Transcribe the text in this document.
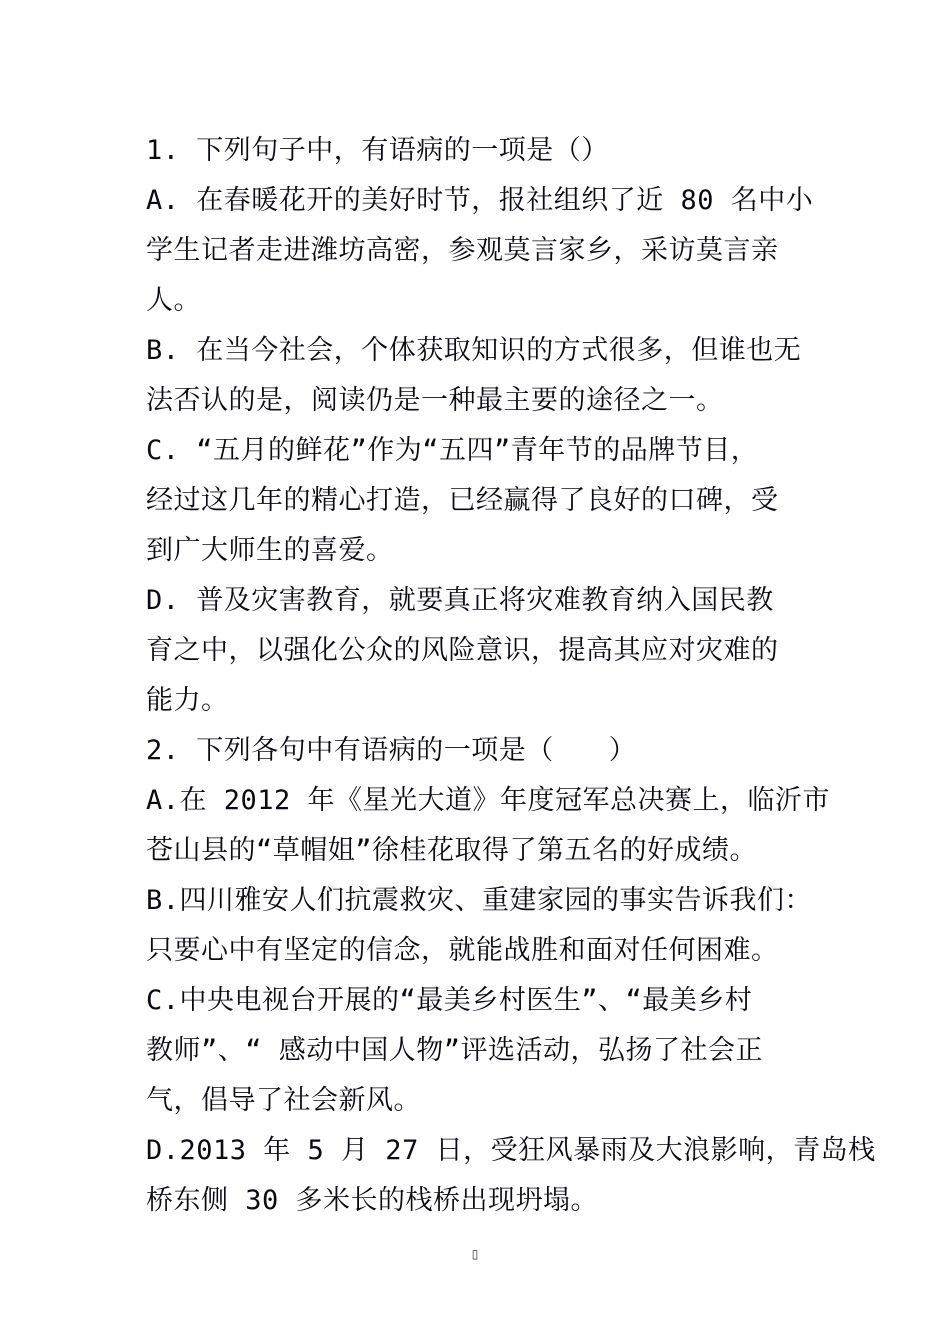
1. 下列句子中，有语病的一项是（）
A. 在春暖花开的美好时节，报社组织了近 80 名中小
学生记者走进潍坊高密，参观莫言家乡，采访莫言亲
人。
B. 在当今社会，个体获取知识的方式很多，但谁也无
法否认的是，阅读仍是一种最主要的途径之一。
C. “五月的鲜花”作为“五四”青年节的品牌节目，
经过这几年的精心打造，已经赢得了良好的口碑，受
到广大师生的喜爱。
D. 普及灾害教育，就要真正将灾难教育纳入国民教
育之中，以强化公众的风险意识，提高其应对灾难的
能力。
2. 下列各句中有语病的一项是（　　）
A.在 2012 年《星光大道》年度冠军总决赛上，临沂市
苍山县的“草帽姐”徐桂花取得了第五名的好成绩。
B.四川雅安人们抗震救灾、重建家园的事实告诉我们：
只要心中有坚定的信念，就能战胜和面对任何困难。
C.中央电视台开展的“最美乡村医生”、“最美乡村
教师”、“ 感动中国人物”评选活动，弘扬了社会正
气，倡导了社会新风。
D.2013 年 5 月 27 日，受狂风暴雨及大浪影响，青岛栈
桥东侧 30 多米长的栈桥出现坍塌。
▯
